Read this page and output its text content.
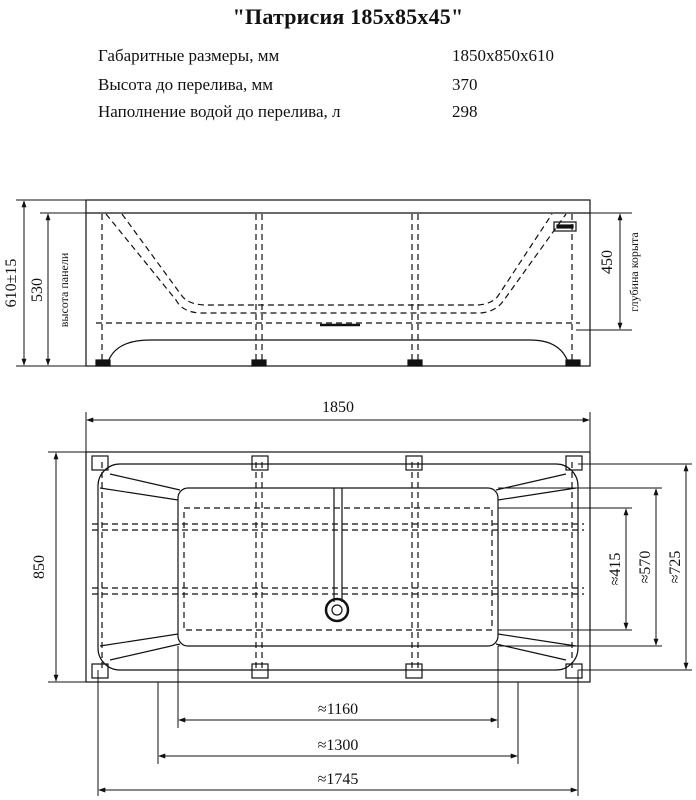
"Патрисия 185х85х45"
Габаритные размеры, мм	1850х850х610
Высота до перелива, мм	370
Наполнение водой до перелива, л	298
610±15 530 высота панели	450 глубина корыта
1850
850	≈415 ≈570 ≈725
≈1160
≈1300
≈1745
